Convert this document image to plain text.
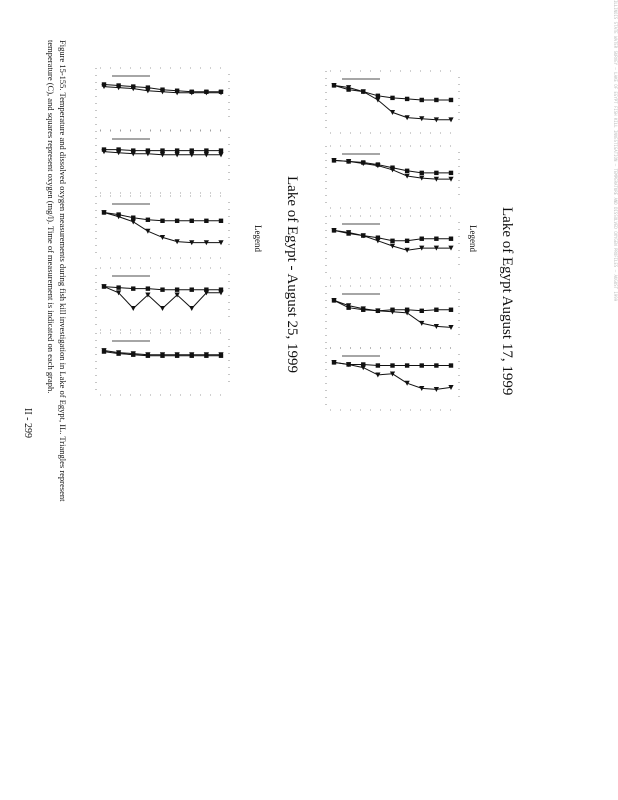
Lake of Egypt August 17, 1999
Lake of Egypt - August 25, 1999	Legend
Legend
Figure 15-155. Temperature and dissolved oxygen measurements during fish kill investigation in Lake of Egypt, IL. Triangles represent
temperature (C), and squares represent oxygen (mg/l). Time of measurement is indicated on each graph.
II - 299
ILLINOIS STATE WATER SURVEY — LAKE OF EGYPT FISH KILL INVESTIGATION — TEMPERATURE AND DISSOLVED OXYGEN PROFILES — AUGUST 1999
